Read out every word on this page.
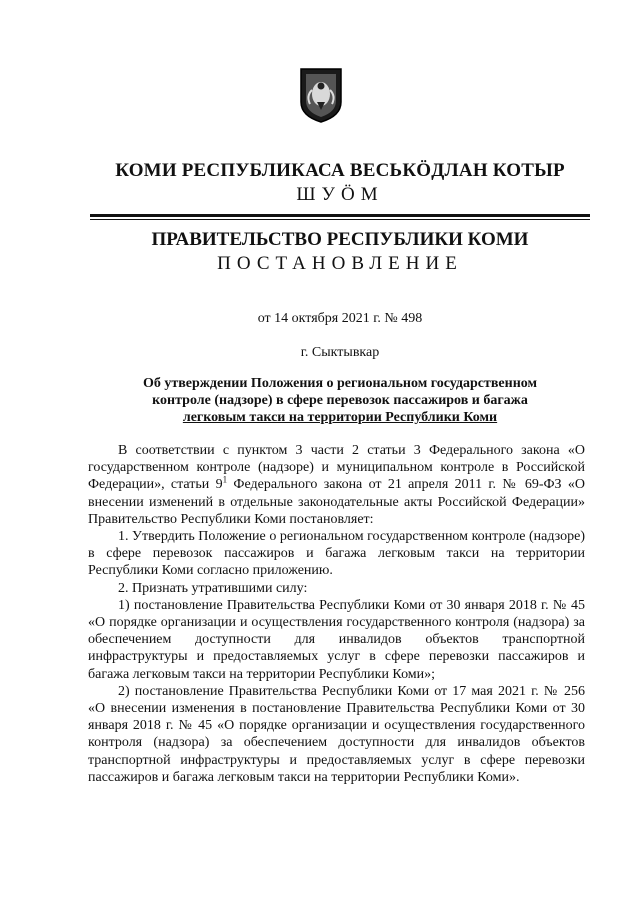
КОМИ РЕСПУБЛИКАСА ВЕСЬКӦДЛАН КОТЫР
ШУÖМ
ПРАВИТЕЛЬСТВО РЕСПУБЛИКИ КОМИ
ПОСТАНОВЛЕНИЕ
от 14 октября 2021 г. № 498
г. Сыктывкар
Об утверждении Положения о региональном государственном
контроле (надзоре) в сфере перевозок пассажиров и багажа
легковым такси на территории Республики Коми

В соответствии с пунктом 3 части 2 статьи 3 Федерального закона «О государственном контроле (надзоре) и муниципальном контроле в Российской Федерации», статьи $9^1$ Федерального закона от 21 апреля 2011 г. № 69-ФЗ «О внесении изменений в отдельные законодательные акты Российской Федерации» Правительство Республики Коми постановляет:

1. Утвердить Положение о региональном государственном контроле (надзоре) в сфере перевозок пассажиров и багажа легковым такси на территории Республики Коми согласно приложению.

2. Признать утратившими силу:

1) постановление Правительства Республики Коми от 30 января 2018 г. № 45 «О порядке организации и осуществления государственного контроля (надзора) за обеспечением доступности для инвалидов объектов транспортной инфраструктуры и предоставляемых услуг в сфере перевозки пассажиров и багажа легковым такси на территории Республики Коми»;

2) постановление Правительства Республики Коми от 17 мая 2021 г. № 256 «О внесении изменения в постановление Правительства Республики Коми от 30 января 2018 г. № 45 «О порядке организации и осуществления государственного контроля (надзора) за обеспечением доступности для инвалидов объектов транспортной инфраструктуры и предоставляемых услуг в сфере перевозки пассажиров и багажа легковым такси на территории Республики Коми».
